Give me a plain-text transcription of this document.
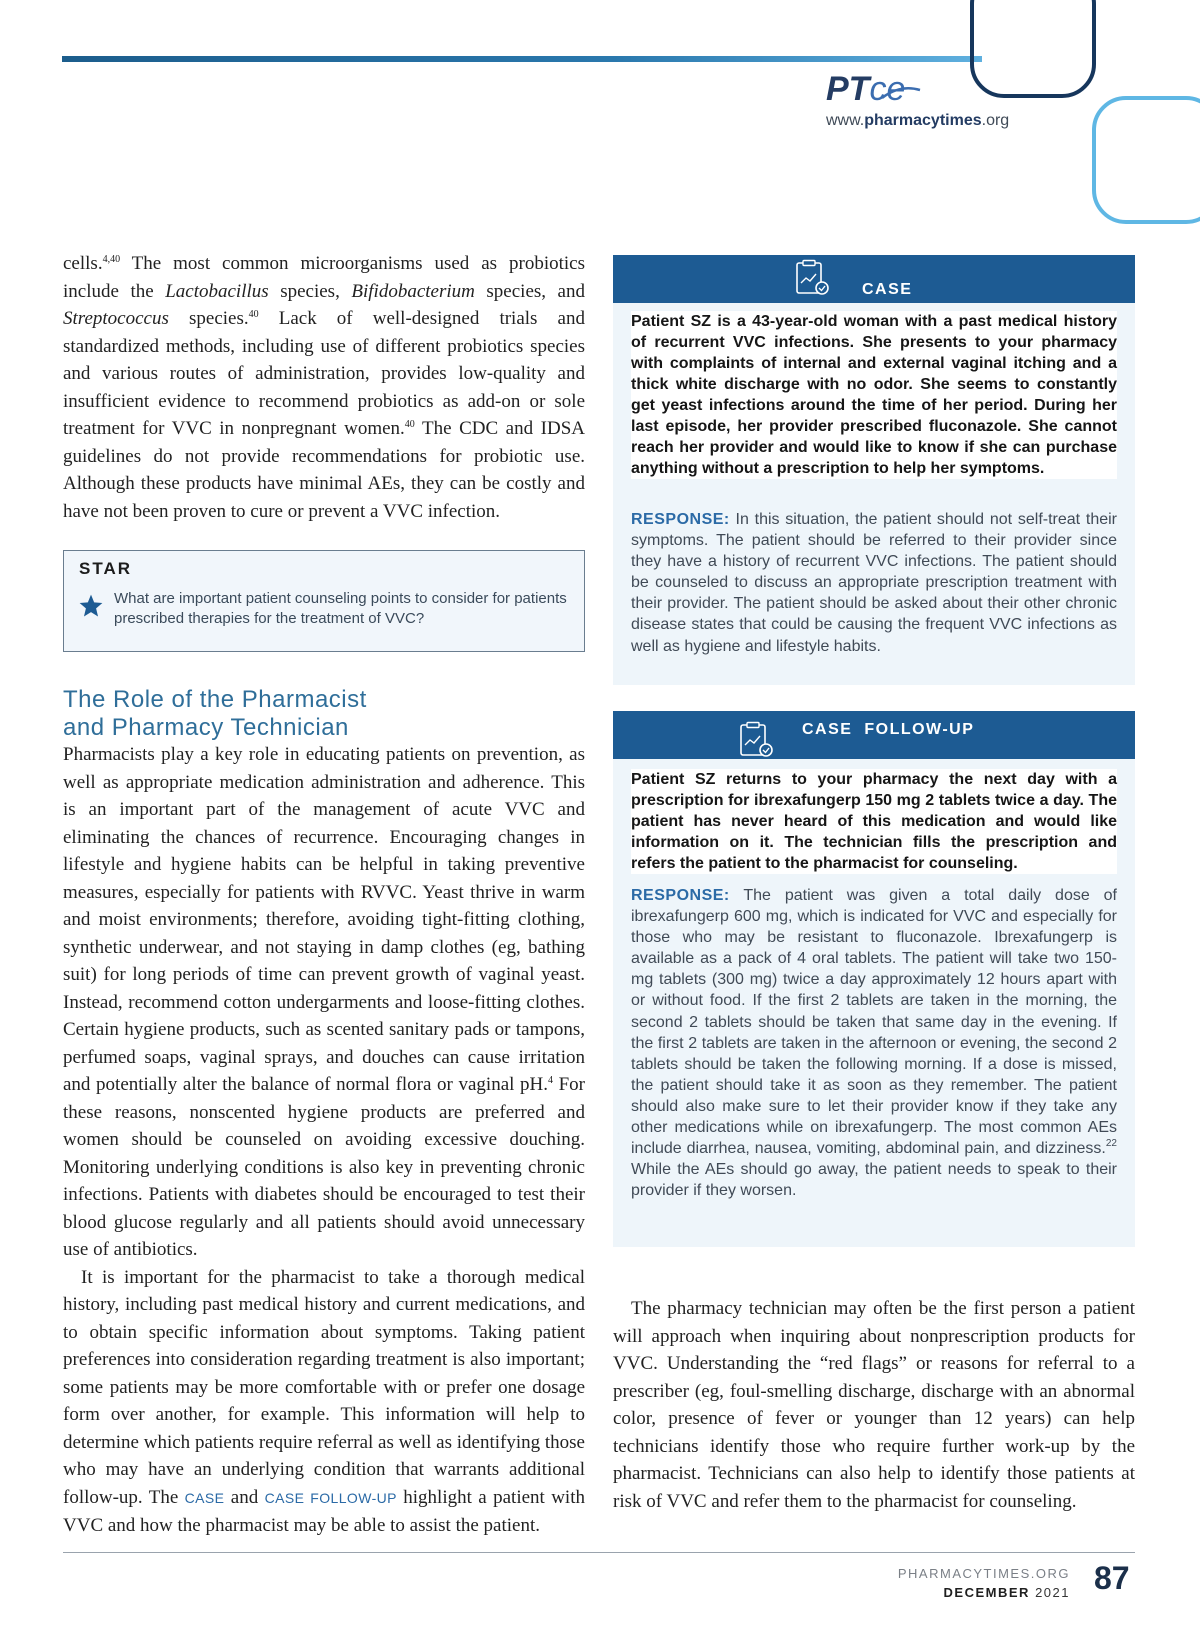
PTce
www.pharmacytimes.org

cells.$^{4,40}$ The most common microorganisms used as probiotics include the Lactobacillus species, Bifidobacterium species, and Streptococcus species.$^{40}$ Lack of well-designed trials and standardized methods, including use of different probiotics species and various routes of administration, provides low-quality and insufficient evidence to recommend probiotics as add-on or sole treatment for VVC in nonpregnant women.$^{40}$ The CDC and IDSA guidelines do not provide recommendations for probiotic use. Although these products have minimal AEs, they can be costly and have not been proven to cure or prevent a VVC infection.

STAR
What are important patient counseling points to consider for patients prescribed therapies for the treatment of VVC?
The Role of the Pharmacist
and Pharmacy Technician

Pharmacists play a key role in educating patients on prevention, as well as appropriate medication administration and adherence. This is an important part of the management of acute VVC and eliminating the chances of recurrence. Encouraging changes in lifestyle and hygiene habits can be helpful in taking preventive measures, especially for patients with RVVC. Yeast thrive in warm and moist environments; therefore, avoiding tight-fitting clothing, synthetic underwear, and not staying in damp clothes (eg, bathing suit) for long periods of time can prevent growth of vaginal yeast. Instead, recommend cotton undergarments and loose-fitting clothes. Certain hygiene products, such as scented sanitary pads or tampons, perfumed soaps, vaginal sprays, and douches can cause irritation and potentially alter the balance of normal flora or vaginal pH.$^4$ For these reasons, nonscented hygiene products are preferred and women should be counseled on avoiding excessive douching. Monitoring underlying conditions is also key in preventing chronic infections. Patients with diabetes should be encouraged to test their blood glucose regularly and all patients should avoid unnecessary use of antibiotics.

It is important for the pharmacist to take a thorough medical history, including past medical history and current medications, and to obtain specific information about symptoms. Taking patient preferences into consideration regarding treatment is also important; some patients may be more comfortable with or prefer one dosage form over another, for example. This information will help to determine which patients require referral as well as identifying those who may have an underlying condition that warrants additional follow-up. The CASE and CASE FOLLOW-UP highlight a patient with VVC and how the pharmacist may be able to assist the patient.

CASE
Patient SZ is a 43-year-old woman with a past medical history of recurrent VVC infections. She presents to your pharmacy with complaints of internal and external vaginal itching and a thick white discharge with no odor. She seems to constantly get yeast infections around the time of her period. During her last episode, her provider prescribed fluconazole. She cannot reach her provider and would like to know if she can purchase anything without a prescription to help her symptoms.
RESPONSE: In this situation, the patient should not self-treat their symptoms. The patient should be referred to their provider since they have a history of recurrent VVC infections. The patient should be counseled to discuss an appropriate prescription treatment with their provider. The patient should be asked about their other chronic disease states that could be causing the frequent VVC infections as well as hygiene and lifestyle habits.
CASE  FOLLOW-UP
Patient SZ returns to your pharmacy the next day with a prescription for ibrexafungerp 150 mg 2 tablets twice a day. The patient has never heard of this medication and would like information on it. The technician fills the prescription and refers the patient to the pharmacist for counseling.
RESPONSE: The patient was given a total daily dose of ibrexafungerp 600 mg, which is indicated for VVC and especially for those who may be resistant to fluconazole. Ibrexafungerp is available as a pack of 4 oral tablets. The patient will take two 150-mg tablets (300 mg) twice a day approximately 12 hours apart with or without food. If the first 2 tablets are taken in the morning, the second 2 tablets should be taken that same day in the evening. If the first 2 tablets are taken in the afternoon or evening, the second 2 tablets should be taken the following morning. If a dose is missed, the patient should take it as soon as they remember. The patient should also make sure to let their provider know if they take any other medications while on ibrexafungerp. The most common AEs include diarrhea, nausea, vomiting, abdominal pain, and dizziness.$^{22}$ While the AEs should go away, the patient needs to speak to their provider if they worsen.

The pharmacy technician may often be the first person a patient will approach when inquiring about nonprescription products for VVC. Understanding the “red flags” or reasons for referral to a prescriber (eg, foul-smelling discharge, discharge with an abnormal color, presence of fever or younger than 12 years) can help technicians identify those who require further work-up by the pharmacist. Technicians can also help to identify those patients at risk of VVC and refer them to the pharmacist for counseling.

PHARMACYTIMES.ORG
DECEMBER 2021 87
